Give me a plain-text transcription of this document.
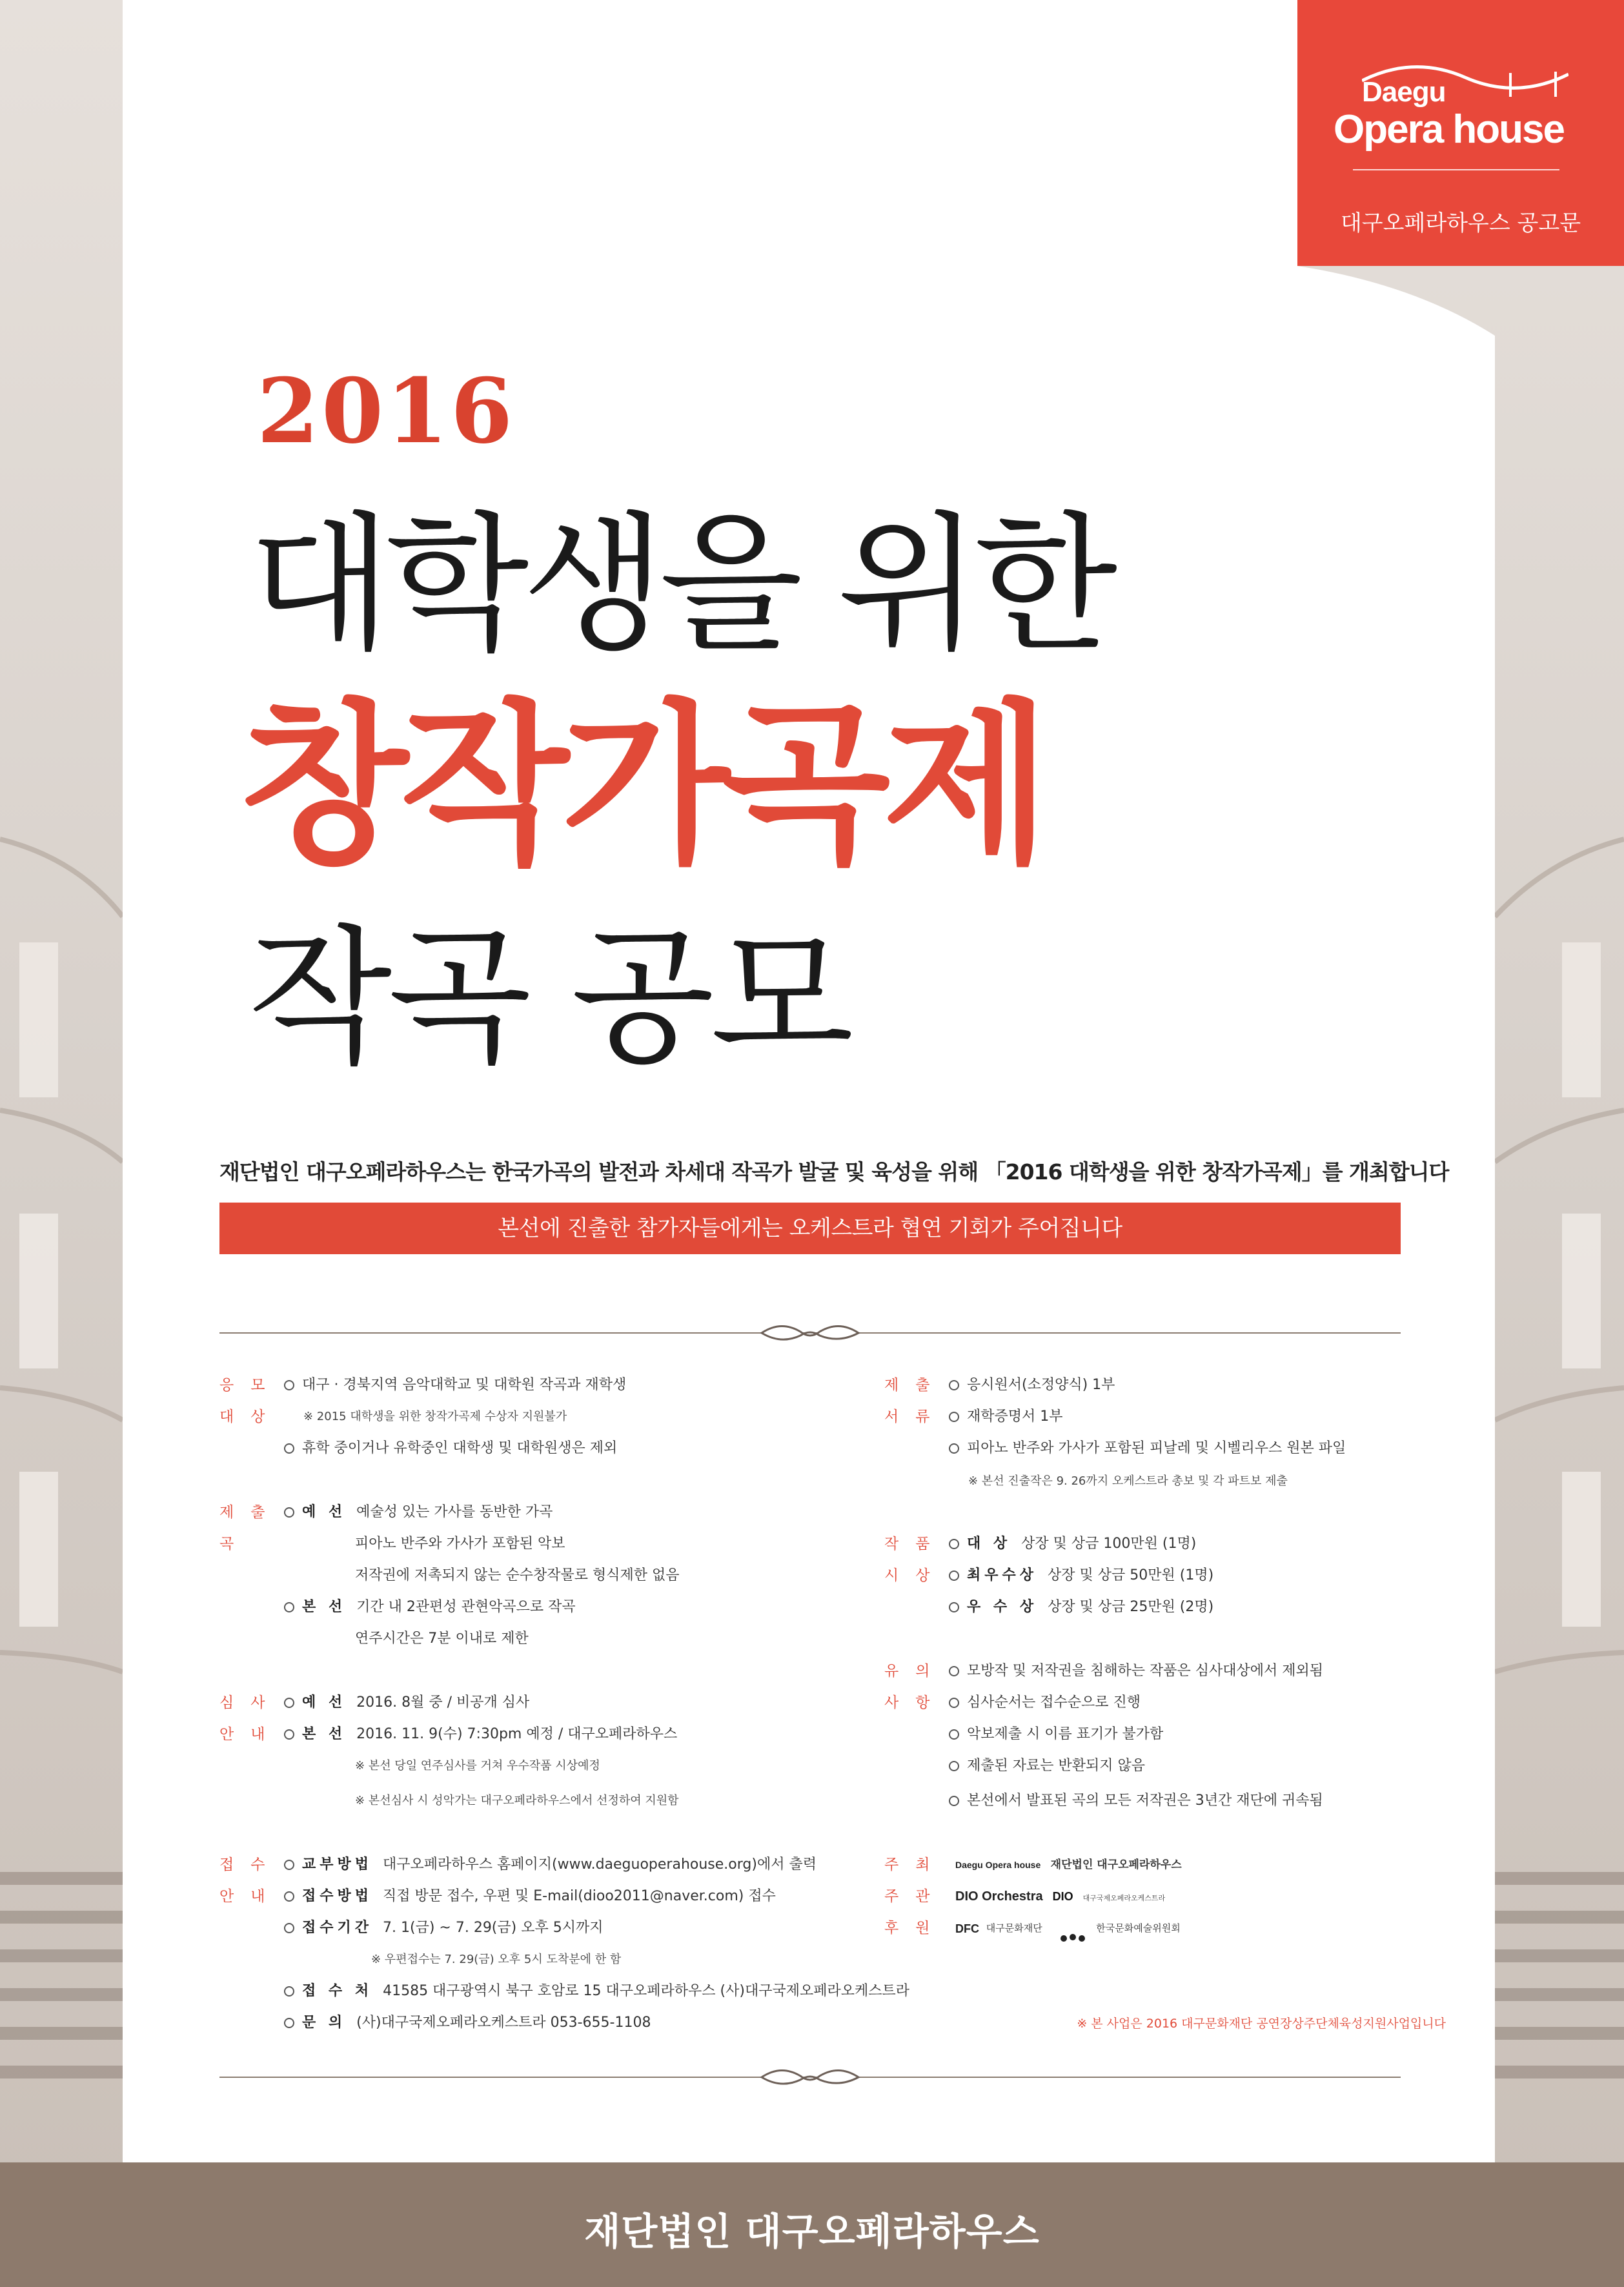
Daegu
Opera house
대구오페라하우스 공고문
2016
대학생을 위한
창작가곡제
작곡 공모
재단법인 대구오페라하우스는 한국가곡의 발전과 차세대 작곡가 발굴 및 육성을 위해 「2016 대학생을 위한 창작가곡제」를 개최합니다
본선에 진출한 참가자들에게는 오케스트라 협연 기회가 주어집니다
응모
대상
대구 · 경북지역 음악대학교 및 대학원 작곡과 재학생
※ 2015 대학생을 위한 창작가곡제 수상자 지원불가
휴학 중이거나 유학중인 대학생 및 대학원생은 제외
제출
곡
예 선 예술성 있는 가사를 동반한 가곡
피아노 반주와 가사가 포함된 악보
저작권에 저촉되지 않는 순수창작물로 형식제한 없음
본 선 기간 내 2관편성 관현악곡으로 작곡
연주시간은 7분 이내로 제한
심사
안내
예 선 2016. 8월 중 / 비공개 심사
본 선 2016. 11. 9(수) 7:30pm 예정 / 대구오페라하우스
※ 본선 당일 연주심사를 거쳐 우수작품 시상예정
※ 본선심사 시 성악가는 대구오페라하우스에서 선정하여 지원함
접수
안내
교부방법 대구오페라하우스 홈페이지(www.daeguoperahouse.org)에서 출력
접수방법 직접 방문 접수, 우편 및 E-mail(dioo2011@naver.com) 접수
접수기간 7. 1(금) ~ 7. 29(금) 오후 5시까지
※ 우편접수는 7. 29(금) 오후 5시 도착분에 한 함
접 수 처 41585 대구광역시 북구 호암로 15 대구오페라하우스 (사)대구국제오페라오케스트라
문 의 (사)대구국제오페라오케스트라 053-655-1108
제출
서류
응시원서(소정양식) 1부
재학증명서 1부
피아노 반주와 가사가 포함된 피날레 및 시벨리우스 원본 파일
※ 본선 진출작은 9. 26까지 오케스트라 총보 및 각 파트보 제출
작품
시상
대 상 상장 및 상금 100만원 (1명)
최우수상 상장 및 상금 50만원 (1명)
우 수 상 상장 및 상금 25만원 (2명)
유의
사항
모방작 및 저작권을 침해하는 작품은 심사대상에서 제외됨
심사순서는 접수순으로 진행
악보제출 시 이름 표기가 불가함
제출된 자료는 반환되지 않음
본선에서 발표된 곡의 모든 저작권은 3년간 재단에 귀속됨
주최 Daegu Opera house 재단법인 대구오페라하우스
주관 DIO Orchestra DIO 대구국제오페라오케스트라
후원 DFC 대구문화재단	한국문화예술위원회
※ 본 사업은 2016 대구문화재단 공연장상주단체육성지원사업입니다
재단법인 대구오페라하우스
